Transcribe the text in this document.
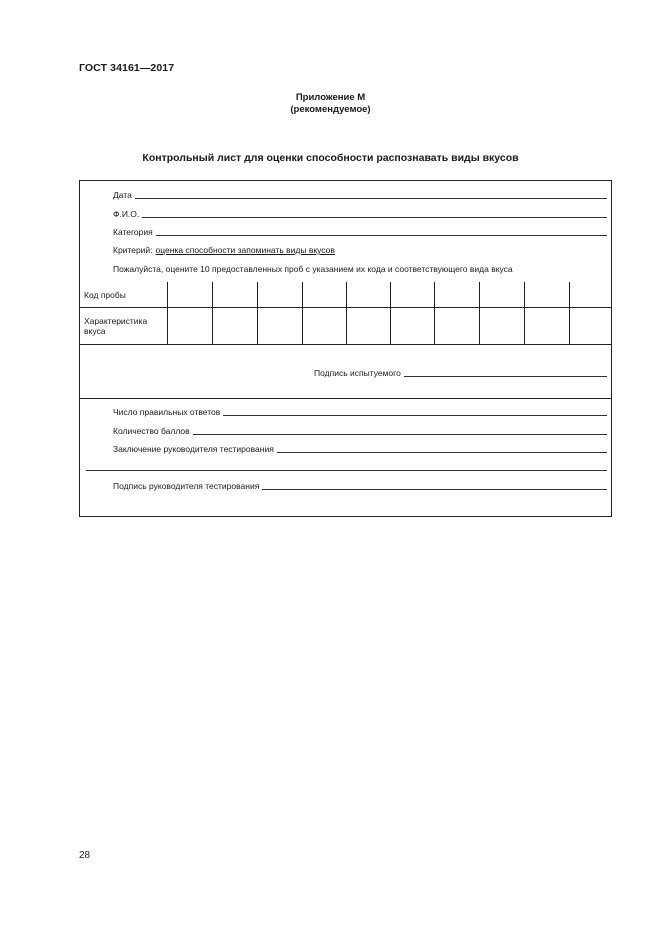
ГОСТ 34161—2017
Приложение М
(рекомендуемое)
Контрольный лист для оценки способности распознавать виды вкусов
Дата
Ф.И.О.
Категория
Критерий: оценка способности запоминать виды вкусов
Пожалуйста, оцените 10 предоставленных проб с указанием их кода и соответствующего вида вкуса
Код пробы										
Характеристика вкуса										
Подпись испытуемого
Число правильных ответов
Количество баллов
Заключение руководителя тестирования
Подпись руководителя тестирования
28
